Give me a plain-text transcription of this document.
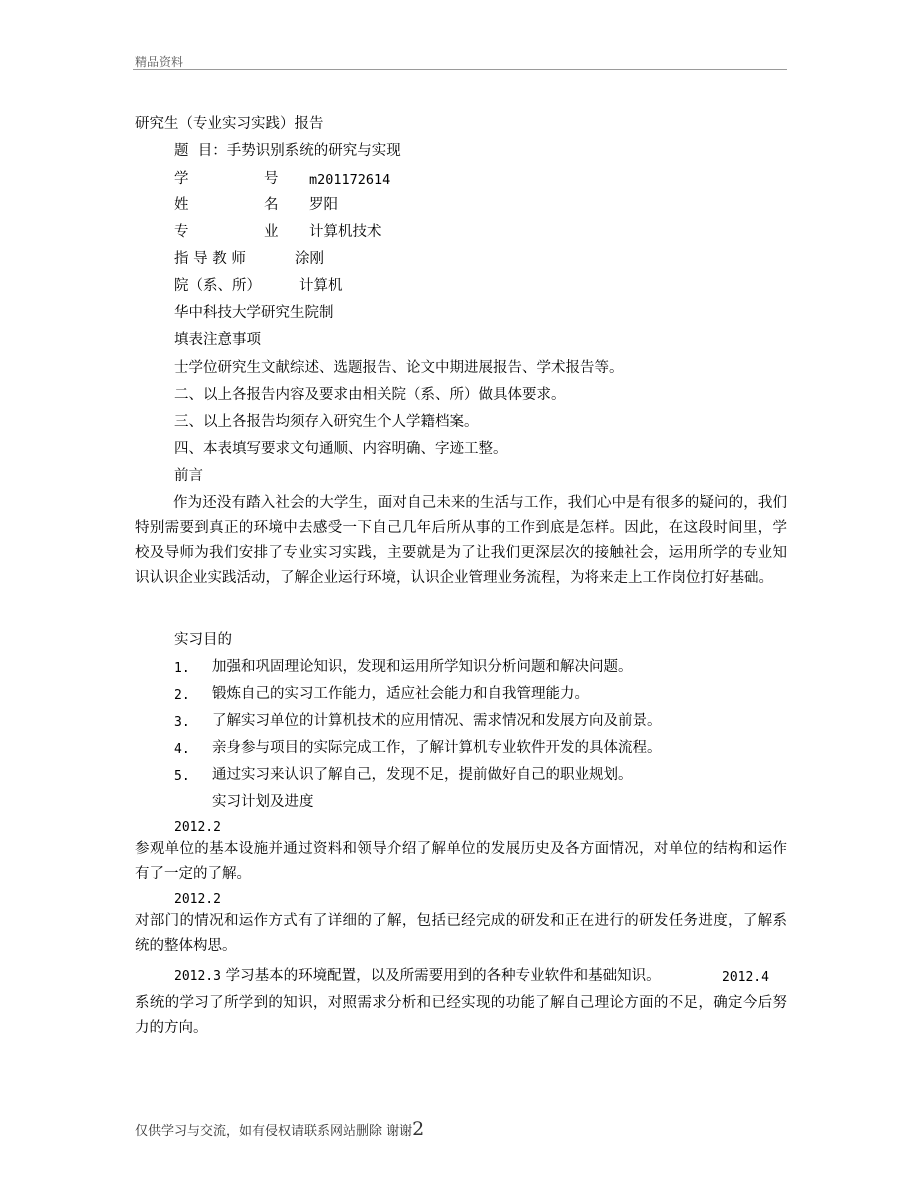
精品资料
研究生（专业实习实践）报告
题  目：手势识别系统的研究与实现
学	号 m201172614
姓	名 罗阳
专	业 计算机技术
指 导 教 师	涂刚
院（系、所）	计算机
华中科技大学研究生院制
填表注意事项
士学位研究生文献综述、选题报告、论文中期进展报告、学术报告等。
二、以上各报告内容及要求由相关院（系、所）做具体要求。
三、以上各报告均须存入研究生个人学籍档案。
四、本表填写要求文句通顺、内容明确、字迹工整。
前言

作为还没有踏入社会的大学生，面对自己未来的生活与工作，我们心中是有很多的疑问的，我们特别需要到真正的环境中去感受一下自己几年后所从事的工作到底是怎样。因此，在这段时间里，学校及导师为我们安排了专业实习实践，主要就是为了让我们更深层次的接触社会，运用所学的专业知识认识企业实践活动，了解企业运行环境，认识企业管理业务流程，为将来走上工作岗位打好基础。

实习目的
1. 加强和巩固理论知识，发现和运用所学知识分析问题和解决问题。
2. 锻炼自己的实习工作能力，适应社会能力和自我管理能力。
3. 了解实习单位的计算机技术的应用情况、需求情况和发展方向及前景。
4. 亲身参与项目的实际完成工作，了解计算机专业软件开发的具体流程。
5. 通过实习来认识了解自己，发现不足，提前做好自己的职业规划。
实习计划及进度
2012.2

参观单位的基本设施并通过资料和领导介绍了解单位的发展历史及各方面情况，对单位的结构和运作有了一定的了解。

2012.2

对部门的情况和运作方式有了详细的了解，包括已经完成的研发和正在进行的研发任务进度，了解系统的整体构思。

2012.3 学习基本的环境配置，以及所需要用到的各种专业软件和基础知识。	2012.4

系统的学习了所学到的知识，对照需求分析和已经实现的功能了解自己理论方面的不足，确定今后努力的方向。

仅供学习与交流，如有侵权请联系网站删除 谢谢2
